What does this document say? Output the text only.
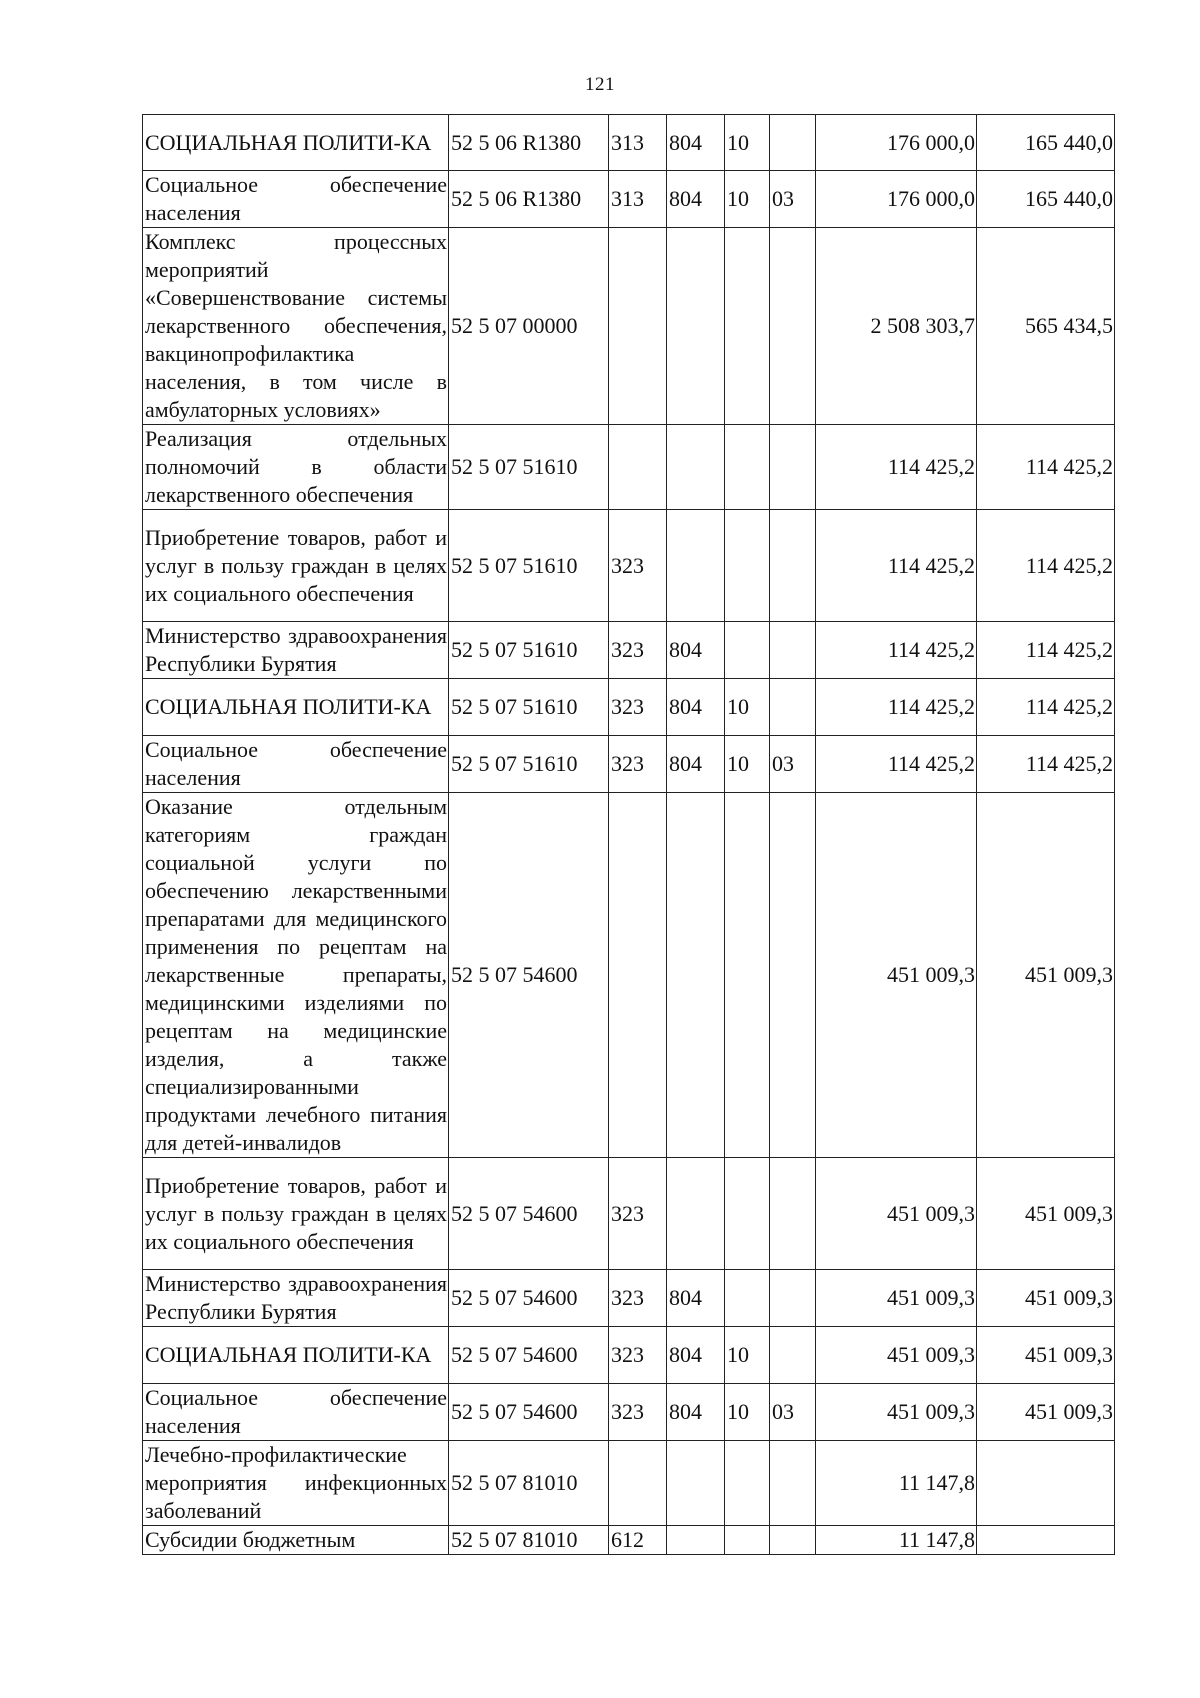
121
СОЦИАЛЬНАЯ ПОЛИТИ-КА	52 5 06 R1380	313	804	10		176 000,0	165 440,0
Социальное обеспечение населения	52 5 06 R1380	313	804	10	03	176 000,0	165 440,0
Комплекс процессных мероприятий «Совершенствование системы лекарственного обеспечения, вакцинопрофилактика населения, в том числе в амбулаторных условиях»	52 5 07 00000					2 508 303,7	565 434,5
Реализация отдельных полномочий в области лекарственного обеспечения	52 5 07 51610					114 425,2	114 425,2
Приобретение товаров, работ и услуг в пользу граждан в целях их социального обеспечения	52 5 07 51610	323				114 425,2	114 425,2
Министерство здравоохранения Республики Бурятия	52 5 07 51610	323	804			114 425,2	114 425,2
СОЦИАЛЬНАЯ ПОЛИТИ-КА	52 5 07 51610	323	804	10		114 425,2	114 425,2
Социальное обеспечение населения	52 5 07 51610	323	804	10	03	114 425,2	114 425,2
Оказание отдельным категориям граждан социальной услуги по обеспечению лекарственными препаратами для медицинского применения по рецептам на лекарственные препараты, медицинскими изделиями по рецептам на медицинские изделия, а также специализированными продуктами лечебного питания для детей-инвалидов	52 5 07 54600					451 009,3	451 009,3
Приобретение товаров, работ и услуг в пользу граждан в целях их социального обеспечения	52 5 07 54600	323				451 009,3	451 009,3
Министерство здравоохранения Республики Бурятия	52 5 07 54600	323	804			451 009,3	451 009,3
СОЦИАЛЬНАЯ ПОЛИТИ-КА	52 5 07 54600	323	804	10		451 009,3	451 009,3
Социальное обеспечение населения	52 5 07 54600	323	804	10	03	451 009,3	451 009,3
Лечебно-профилактические мероприятия инфекционных заболеваний	52 5 07 81010					11 147,8	
Субсидии бюджетным	52 5 07 81010	612				11 147,8	
